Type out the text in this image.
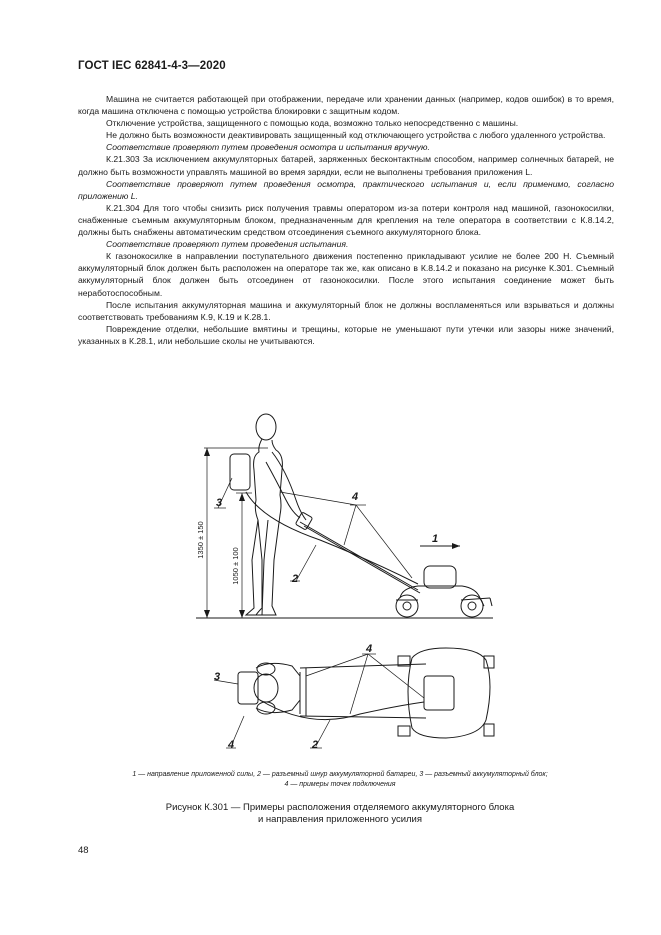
ГОСТ IEC 62841-4-3—2020

Машина не считается работающей при отображении, передаче или хранении данных (например, кодов ошибок) в то время, когда машина отключена с помощью устройства блокировки с защитным кодом.

Отключение устройства, защищенного с помощью кода, возможно только непосредственно с машины.

Не должно быть возможности деактивировать защищенный код отключающего устройства с любого удаленного устройства.

Соответствие проверяют путем проведения осмотра и испытания вручную.

К.21.303 За исключением аккумуляторных батарей, заряженных бесконтактным способом, например солнечных батарей, не должно быть возможности управлять машиной во время зарядки, если не выполнены требования приложения L.

Соответствие проверяют путем проведения осмотра, практического испытания и, если применимо, согласно приложению L.

К.21.304 Для того чтобы снизить риск получения травмы оператором из-за потери контроля над машиной, газонокосилки, снабженные съемным аккумуляторным блоком, предназначенным для крепления на теле оператора в соответствии с К.8.14.2, должны быть снабжены автоматическим средством отсоединения съемного аккумуляторного блока.

Соответствие проверяют путем проведения испытания.

К газонокосилке в направлении поступательного движения постепенно прикладывают усилие не более 200 Н. Съемный аккумуляторный блок должен быть расположен на операторе так же, как описано в К.8.14.2 и показано на рисунке К.301. Съемный аккумуляторный блок должен быть отсоединен от газонокосилки. После этого испытания соединение может быть неработоспособным.

После испытания аккумуляторная машина и аккумуляторный блок не должны воспламеняться или взрываться и должны соответствовать требованиям К.9, К.19 и К.28.1.

Повреждение отделки, небольшие вмятины и трещины, которые не уменьшают пути утечки или зазоры ниже значений, указанных в К.28.1, или небольшие сколы не учитываются.

3	4
2
1
3
4
2
4
1350 ± 150
1050 ± 100
1 — направление приложенной силы, 2 — разъемный шнур аккумуляторной батареи, 3 — разъемный аккумуляторный блок;
4 — примеры точек подключения
Рисунок К.301 — Примеры расположения отделяемого аккумуляторного блока
и направления приложенного усилия
48
